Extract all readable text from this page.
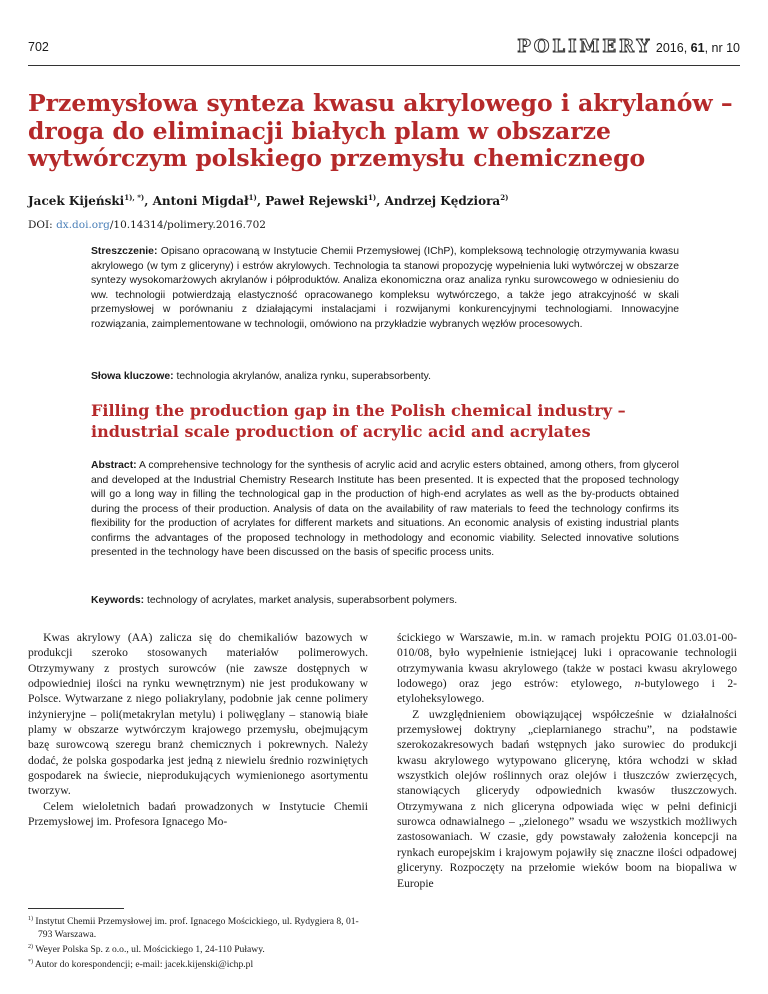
702	POLIMERY 2016, 61, nr 10
Przemysłowa synteza kwasu akrylowego i akrylanów – droga do eliminacji białych plam w obszarze wytwórczym polskiego przemysłu chemicznego
Jacek Kijeński$^{1), *)}$, Antoni Migdał$^{1)}$, Paweł Rejewski$^{1)}$, Andrzej Kędziora$^{2)}$
DOI: dx.doi.org/10.14314/polimery.2016.702
Streszczenie: Opisano opracowaną w Instytucie Chemii Przemysłowej (IChP), kompleksową technologię otrzymywania kwasu akrylowego (w tym z gliceryny) i estrów akrylowych. Technologia ta stanowi propozycję wypełnienia luki wytwórczej w obszarze syntezy wysokomarżowych akrylanów i półproduktów. Analiza ekonomiczna oraz analiza rynku surowcowego w odniesieniu do ww. technologii potwierdzają elastyczność opracowanego kompleksu wytwórczego, a także jego atrakcyjność w skali przemysłowej w porównaniu z działającymi instalacjami i rozwijanymi konkurencyjnymi technologiami. Innowacyjne rozwiązania, zaimplementowane w technologii, omówiono na przykładzie wybranych węzłów procesowych.
Słowa kluczowe: technologia akrylanów, analiza rynku, superabsorbenty.
Filling the production gap in the Polish chemical industry – industrial scale production of acrylic acid and acrylates
Abstract: A comprehensive technology for the synthesis of acrylic acid and acrylic esters obtained, among others, from glycerol and developed at the Industrial Chemistry Research Institute has been presented. It is expected that the proposed technology will go a long way in filling the technological gap in the production of high-end acrylates as well as the by-products obtained during the process of their production. Analysis of data on the availability of raw materials to feed the technology confirms its flexibility for the production of acrylates for different markets and situations. An economic analysis of existing industrial plants confirms the advantages of the proposed technology in methodology and economic viability. Selected innovative solutions presented in the technology have been discussed on the basis of specific process units.
Keywords: technology of acrylates, market analysis, superabsorbent polymers.

Kwas akrylowy (AA) zalicza się do chemikaliów bazowych w produkcji szeroko stosowanych materiałów polimerowych. Otrzymywany z prostych surowców (nie zawsze dostępnych w odpowiedniej ilości na rynku wewnętrznym) nie jest produkowany w Polsce. Wytwarzane z niego poliakrylany, podobnie jak cenne polimery inżynieryjne – poli(metakrylan metylu) i poliwęglany – stanowią białe plamy w obszarze wytwórczym krajowego przemysłu, obejmującym bazę surowcową szeregu branż chemicznych i pokrewnych. Należy dodać, że polska gospodarka jest jedną z niewielu średnio rozwiniętych gospodarek na świecie, nieprodukujących wymienionego asortymentu tworzyw.

Celem wieloletnich badań prowadzonych w Instytucie Chemii Przemysłowej im. Profesora Ignacego Mo-

ścickiego w Warszawie, m.in. w ramach projektu POIG 01.03.01-00-010/08, było wypełnienie istniejącej luki i opracowanie technologii otrzymywania kwasu akrylowego (także w postaci kwasu akrylowego lodowego) oraz jego estrów: etylowego, n-butylowego i 2-etyloheksylowego.

Z uwzględnieniem obowiązującej współcześnie w działalności przemysłowej doktryny „cieplarnianego strachu”, na podstawie szerokozakresowych badań wstępnych jako surowiec do produkcji kwasu akrylowego wytypowano glicerynę, która wchodzi w skład wszystkich olejów roślinnych oraz olejów i tłuszczów zwierzęcych, stanowiących glicerydy odpowiednich kwasów tłuszczowych. Otrzymywana z nich gliceryna odpowiada więc w pełni definicji surowca odnawialnego – „zielonego” wsadu we wszystkich możliwych zastosowaniach. W czasie, gdy powstawały założenia koncepcji na rynkach europejskim i krajowym pojawiły się znaczne ilości odpadowej gliceryny. Rozpoczęty na przełomie wieków boom na biopaliwa w Europie

$^{1)}$ Instytut Chemii Przemysłowej im. prof. Ignacego Mościckiego, ul. Rydygiera 8, 01-793 Warszawa.

$^{2)}$ Weyer Polska Sp. z o.o., ul. Mościckiego 1, 24-110 Puławy.

*) Autor do korespondencji; e-mail: jacek.kijenski@ichp.pl
